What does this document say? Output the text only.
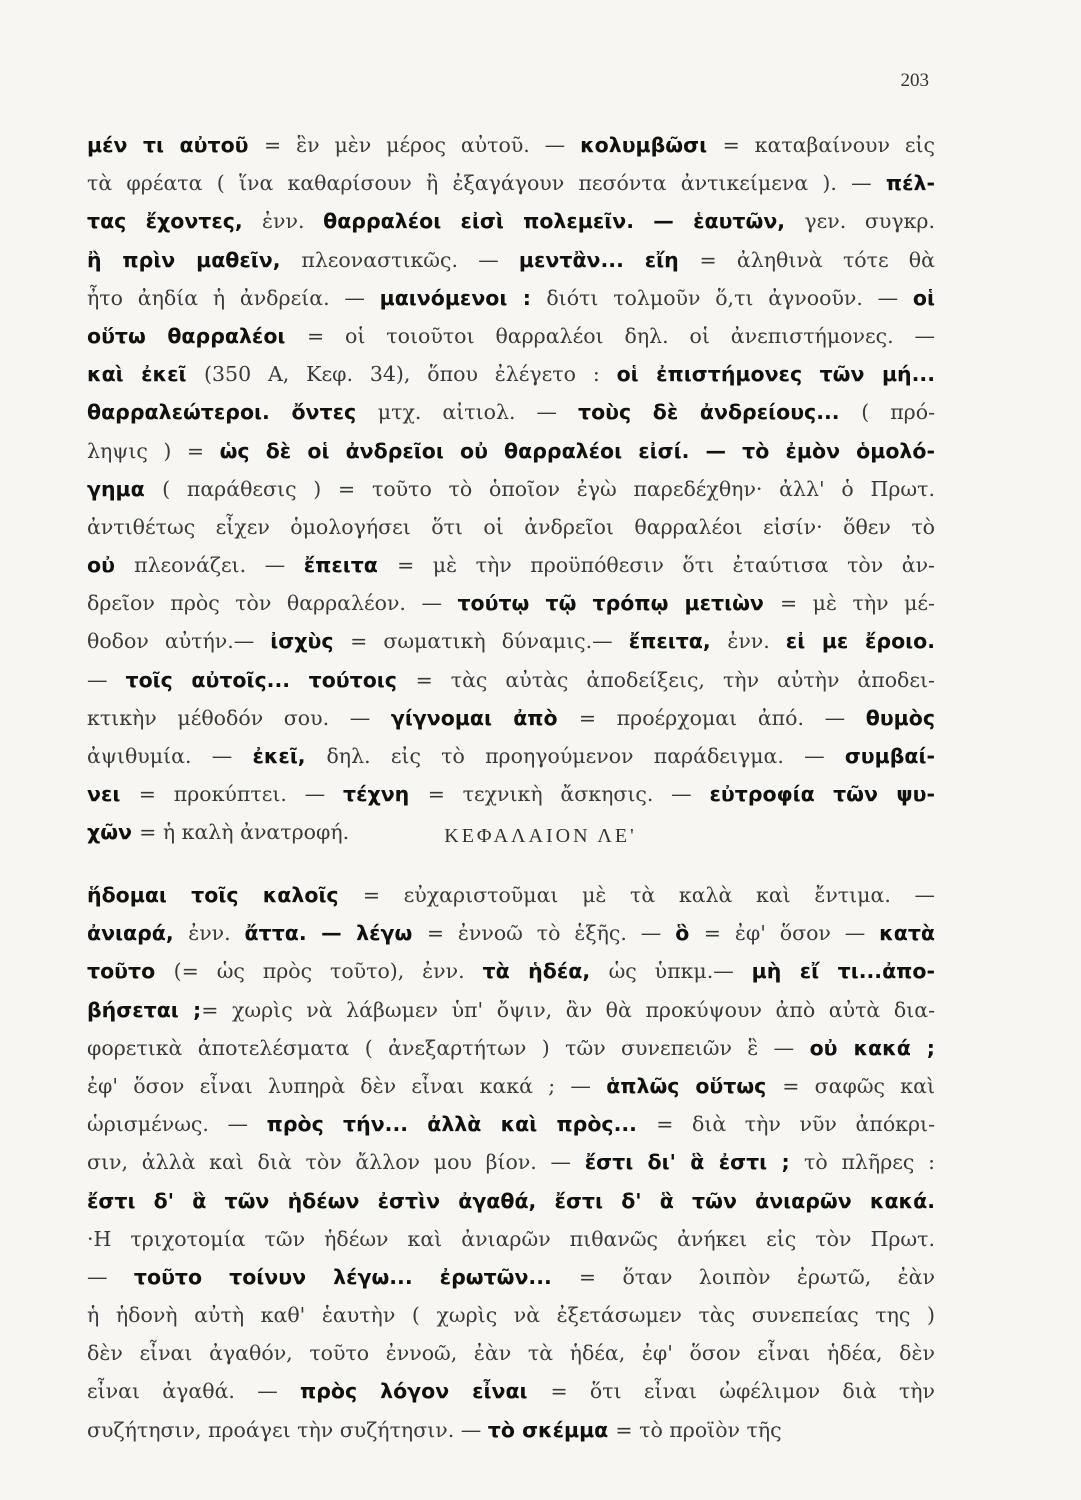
203
μέν τι αὐτοῦ = ἓν μὲν μέρος αὐτοῦ. — κολυμβῶσι = καταβαίνουν εἰς
τὰ φρέατα ( ἵνα καθαρίσουν ἢ ἐξαγάγουν πεσόντα ἀντικείμενα ). — πέλ-
τας ἔχοντες, ἐνν. θαρραλέοι εἰσὶ πολεμεῖν. — ἑαυτῶν, γεν. συγκρ.
ἢ πρὶν μαθεῖν, πλεοναστικῶς. — μεντἂν... εἴη = ἀληθινὰ τότε θὰ
ἦτο ἀηδία ἡ ἀνδρεία. — μαινόμενοι : διότι τολμοῦν ὅ,τι ἀγνοοῦν. — οἱ
οὕτω θαρραλέοι = οἱ τοιοῦτοι θαρραλέοι δηλ. οἱ ἀνεπιστήμονες. —
καὶ ἐκεῖ (350 Α, Κεφ. 34), ὅπου ἐλέγετο : οἱ ἐπιστήμονες τῶν μή...
θαρραλεώτεροι. ὄντες μτχ. αἰτιολ. — τοὺς δὲ ἀνδρείους... ( πρό-
ληψις ) = ὡς δὲ οἱ ἀνδρεῖοι οὐ θαρραλέοι εἰσί. — τὸ ἐμὸν ὁμολό-
γημα ( παράθεσις ) = τοῦτο τὸ ὁποῖον ἐγὼ παρεδέχθην· ἀλλ' ὁ Πρωτ.
ἀντιθέτως εἶχεν ὁμολογήσει ὅτι οἱ ἀνδρεῖοι θαρραλέοι εἰσίν· ὅθεν τὸ
οὐ πλεονάζει. — ἔπειτα = μὲ τὴν προϋπόθεσιν ὅτι ἐταύτισα τὸν ἀν-
δρεῖον πρὸς τὸν θαρραλέον. — τούτῳ τῷ τρόπῳ μετιὼν = μὲ τὴν μέ-
θοδον αὐτήν.— ἰσχὺς = σωματικὴ δύναμις.— ἔπειτα, ἐνν. εἰ με ἔροιο.
— τοῖς αὐτοῖς... τούτοις = τὰς αὐτὰς ἀποδείξεις, τὴν αὐτὴν ἀποδει-
κτικὴν μέθοδόν σου. — γίγνομαι ἀπὸ = προέρχομαι ἀπό. — θυμὸς
ἀψιθυμία. — ἐκεῖ, δηλ. εἰς τὸ προηγούμενον παράδειγμα. — συμβαί-
νει = προκύπτει. — τέχνη = τεχνικὴ ἄσκησις. — εὐτροφία τῶν ψυ-
χῶν = ἡ καλὴ ἀνατροφή.	ΚΕΦΑΛΑΙΟΝ ΛΕ'
ἥδομαι τοῖς καλοῖς = εὐχαριστοῦμαι μὲ τὰ καλὰ καὶ ἔντιμα. —
ἀνιαρά, ἐνν. ἄττα. — λέγω = ἐννοῶ τὸ ἑξῆς. — ὃ = ἐφ' ὅσον — κατὰ
τοῦτο (= ὡς πρὸς τοῦτο), ἐνν. τὰ ἡδέα, ὡς ὑπκμ.— μὴ εἴ τι...ἀπο-
βήσεται ;= χωρὶς νὰ λάβωμεν ὑπ' ὄψιν, ἂν θὰ προκύψουν ἀπὸ αὐτὰ δια-
φορετικὰ ἀποτελέσματα ( ἀνεξαρτήτων ) τῶν συνεπειῶν ἓ — οὐ κακά ;
ἐφ' ὅσον εἶναι λυπηρὰ δὲν εἶναι κακά ; — ἁπλῶς οὕτως = σαφῶς καὶ
ὡρισμένως. — πρὸς τήν... ἀλλὰ καὶ πρὸς... = διὰ τὴν νῦν ἀπόκρι-
σιν, ἀλλὰ καὶ διὰ τὸν ἄλλον μου βίον. — ἔστι δι' ἃ ἐστι ; τὸ πλῆρες :
ἔστι δ' ἃ τῶν ἡδέων ἐστὶν ἀγαθά, ἔστι δ' ἃ τῶν ἀνιαρῶν κακά.
·Η τριχοτομία τῶν ἡδέων καὶ ἀνιαρῶν πιθανῶς ἀνήκει εἰς τὸν Πρωτ.
— τοῦτο τοίνυν λέγω... ἐρωτῶν... = ὅταν λοιπὸν ἐρωτῶ, ἐὰν
ἡ ἡδονὴ αὐτὴ καθ' ἑαυτὴν ( χωρὶς νὰ ἐξετάσωμεν τὰς συνεπείας της )
δὲν εἶναι ἀγαθόν, τοῦτο ἐννοῶ, ἐὰν τὰ ἡδέα, ἐφ' ὅσον εἶναι ἡδέα, δὲν
εἶναι ἀγαθά. — πρὸς λόγον εἶναι = ὅτι εἶναι ὠφέλιμον διὰ τὴν
συζήτησιν, προάγει τὴν συζήτησιν. — τὸ σκέμμα = τὸ προϊὸν τῆς
